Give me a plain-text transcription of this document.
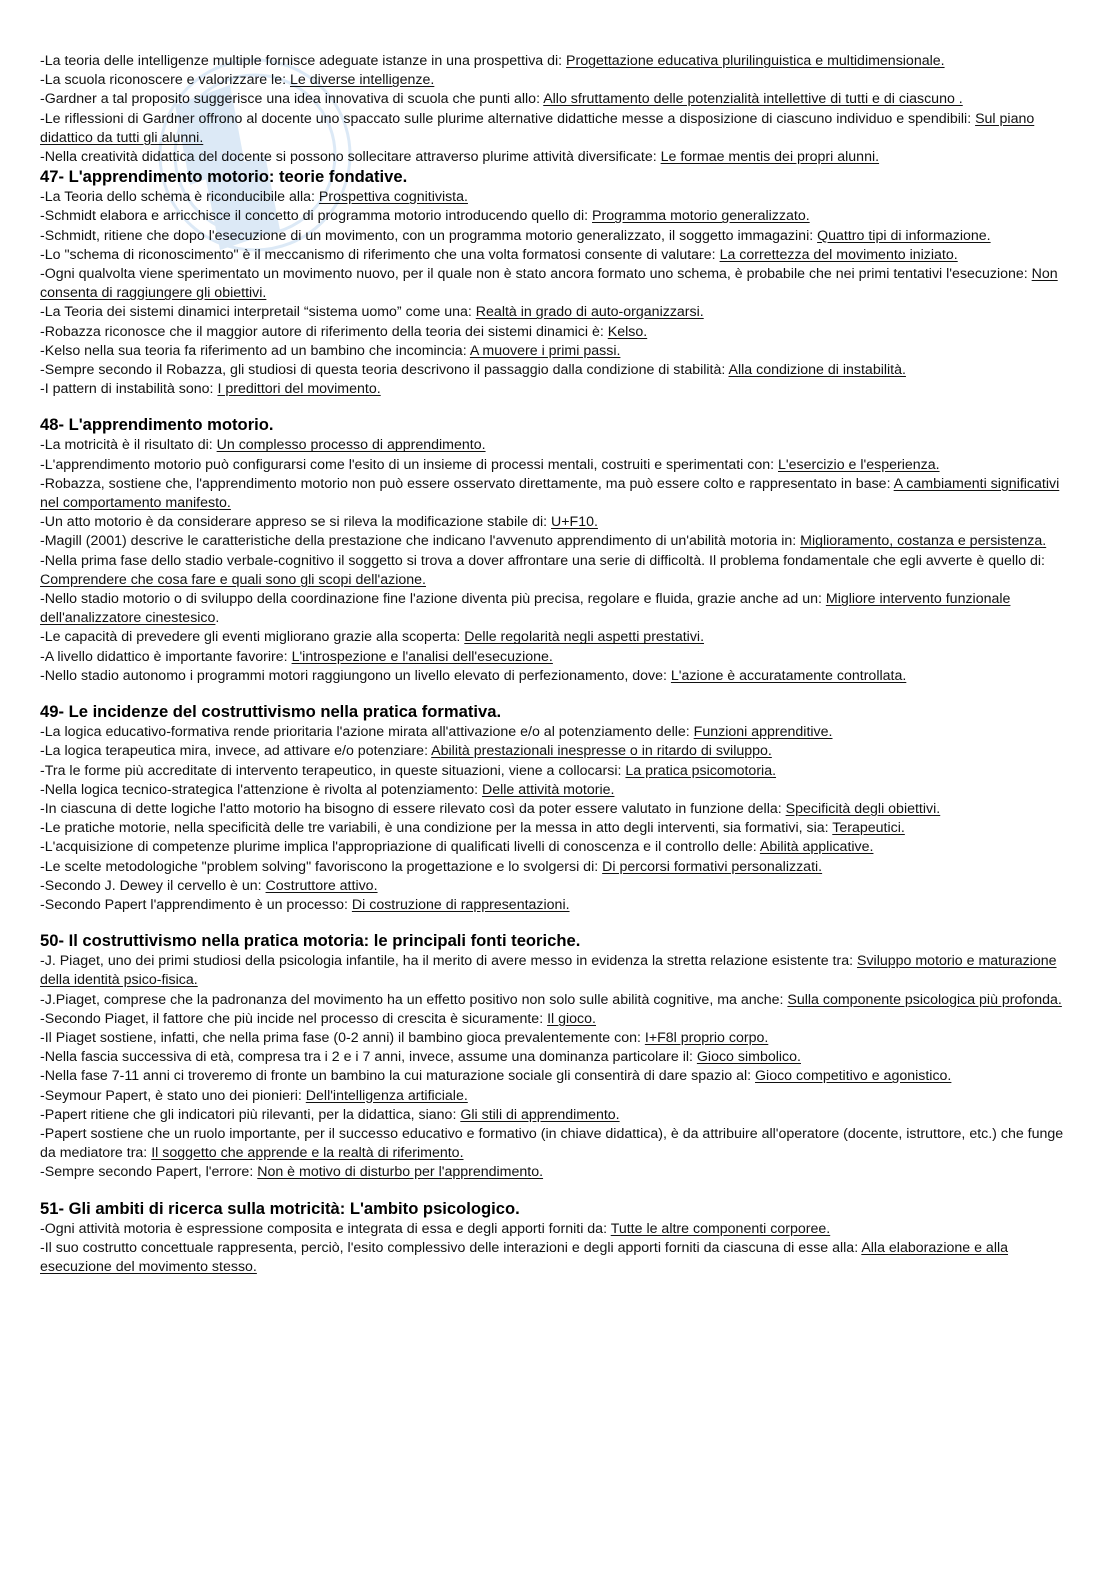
-La teoria delle intelligenze multiple fornisce adeguate istanze in una prospettiva di: Progettazione educativa plurilinguistica e multidimensionale.

-La scuola riconoscere e valorizzare le: Le diverse intelligenze.

-Gardner a tal proposito suggerisce una idea innovativa di scuola che punti allo: Allo sfruttamento delle potenzialità intellettive di tutti e di ciascuno .

-Le riflessioni di Gardner offrono al docente uno spaccato sulle plurime alternative didattiche messe a disposizione di ciascuno individuo e spendibili: Sul piano didattico da tutti gli alunni.

-Nella creatività didattica del docente si possono sollecitare attraverso plurime attività diversificate: Le formae mentis dei propri alunni.

47- L'apprendimento motorio: teorie fondative.

-La Teoria dello schema è riconducibile alla: Prospettiva cognitivista.

-Schmidt elabora e arricchisce il concetto di programma motorio introducendo quello di: Programma motorio generalizzato.

-Schmidt, ritiene che dopo l'esecuzione di un movimento, con un programma motorio generalizzato, il soggetto immagazini: Quattro tipi di informazione.

-Lo "schema di riconoscimento" è il meccanismo di riferimento che una volta formatosi consente di valutare: La correttezza del movimento iniziato.

-Ogni qualvolta viene sperimentato un movimento nuovo, per il quale non è stato ancora formato uno schema, è probabile che nei primi tentativi l'esecuzione: Non consenta di raggiungere gli obiettivi.

-La Teoria dei sistemi dinamici interpretail “sistema uomo” come una: Realtà in grado di auto-organizzarsi.

-Robazza riconosce che il maggior autore di riferimento della teoria dei sistemi dinamici è: Kelso.

-Kelso nella sua teoria fa riferimento ad un bambino che incomincia: A muovere i primi passi.

-Sempre secondo il Robazza, gli studiosi di questa teoria descrivono il passaggio dalla condizione di stabilità: Alla condizione di instabilità.

-I pattern di instabilità sono: I predittori del movimento.

48- L'apprendimento motorio.

-La motricità è il risultato di: Un complesso processo di apprendimento.

-L'apprendimento motorio può configurarsi come l'esito di un insieme di processi mentali, costruiti e sperimentati con: L'esercizio e l'esperienza.

-Robazza, sostiene che, l'apprendimento motorio non può essere osservato direttamente, ma può essere colto e rappresentato in base: A cambiamenti significativi nel comportamento manifesto.

-Un atto motorio è da considerare appreso se si rileva la modificazione stabile di: U+F10.

-Magill (2001) descrive le caratteristiche della prestazione che indicano l'avvenuto apprendimento di un'abilità motoria in: Miglioramento, costanza e persistenza.

-Nella prima fase dello stadio verbale-cognitivo il soggetto si trova a dover affrontare una serie di difficoltà. Il problema fondamentale che egli avverte è quello di: Comprendere che cosa fare e quali sono gli scopi dell'azione.

-Nello stadio motorio o di sviluppo della coordinazione fine l'azione diventa più precisa, regolare e fluida, grazie anche ad un: Migliore intervento funzionale dell'analizzatore cinestesico.

-Le capacità di prevedere gli eventi migliorano grazie alla scoperta: Delle regolarità negli aspetti prestativi.

-A livello didattico è importante favorire: L'introspezione e l'analisi dell'esecuzione.

-Nello stadio autonomo i programmi motori raggiungono un livello elevato di perfezionamento, dove: L'azione è accuratamente controllata.

49- Le incidenze del costruttivismo nella pratica formativa.

-La logica educativo-formativa rende prioritaria l'azione mirata all'attivazione e/o al potenziamento delle: Funzioni apprenditive.

-La logica terapeutica mira, invece, ad attivare e/o potenziare: Abilità prestazionali inespresse o in ritardo di sviluppo.

-Tra le forme più accreditate di intervento terapeutico, in queste situazioni, viene a collocarsi: La pratica psicomotoria.

-Nella logica tecnico-strategica l'attenzione è rivolta al potenziamento: Delle attività motorie.

-In ciascuna di dette logiche l'atto motorio ha bisogno di essere rilevato così da poter essere valutato in funzione della: Specificità degli obiettivi.

-Le pratiche motorie, nella specificità delle tre variabili, è una condizione per la messa in atto degli interventi, sia formativi, sia: Terapeutici.

-L'acquisizione di competenze plurime implica l'appropriazione di qualificati livelli di conoscenza e il controllo delle: Abilità applicative.

-Le scelte metodologiche "problem solving" favoriscono la progettazione e lo svolgersi di: Di percorsi formativi personalizzati.

-Secondo J. Dewey il cervello è un: Costruttore attivo.

-Secondo Papert l'apprendimento è un processo: Di costruzione di rappresentazioni.

50- Il costruttivismo nella pratica motoria: le principali fonti teoriche.

-J. Piaget, uno dei primi studiosi della psicologia infantile, ha il merito di avere messo in evidenza la stretta relazione esistente tra: Sviluppo motorio e maturazione della identità psico-fisica.

-J.Piaget, comprese che la padronanza del movimento ha un effetto positivo non solo sulle abilità cognitive, ma anche: Sulla componente psicologica più profonda.

-Secondo Piaget, il fattore che più incide nel processo di crescita è sicuramente: Il gioco.

-Il Piaget sostiene, infatti, che nella prima fase (0-2 anni) il bambino gioca prevalentemente con: I+F8l proprio corpo.

-Nella fascia successiva di età, compresa tra i 2 e i 7 anni, invece, assume una dominanza particolare il: Gioco simbolico.

-Nella fase 7-11 anni ci troveremo di fronte un bambino la cui maturazione sociale gli consentirà di dare spazio al: Gioco competitivo e agonistico.

-Seymour Papert, è stato uno dei pionieri: Dell'intelligenza artificiale.

-Papert ritiene che gli indicatori più rilevanti, per la didattica, siano: Gli stili di apprendimento.

-Papert sostiene che un ruolo importante, per il successo educativo e formativo (in chiave didattica), è da attribuire all'operatore (docente, istruttore, etc.) che funge da mediatore tra: Il soggetto che apprende e la realtà di riferimento.

-Sempre secondo Papert, l'errore: Non è motivo di disturbo per l'apprendimento.

51- Gli ambiti di ricerca sulla motricità: L'ambito psicologico.

-Ogni attività motoria è espressione composita e integrata di essa e degli apporti forniti da: Tutte le altre componenti corporee.

-Il suo costrutto concettuale rappresenta, perciò, l'esito complessivo delle interazioni e degli apporti forniti da ciascuna di esse alla: Alla elaborazione e alla esecuzione del movimento stesso.
